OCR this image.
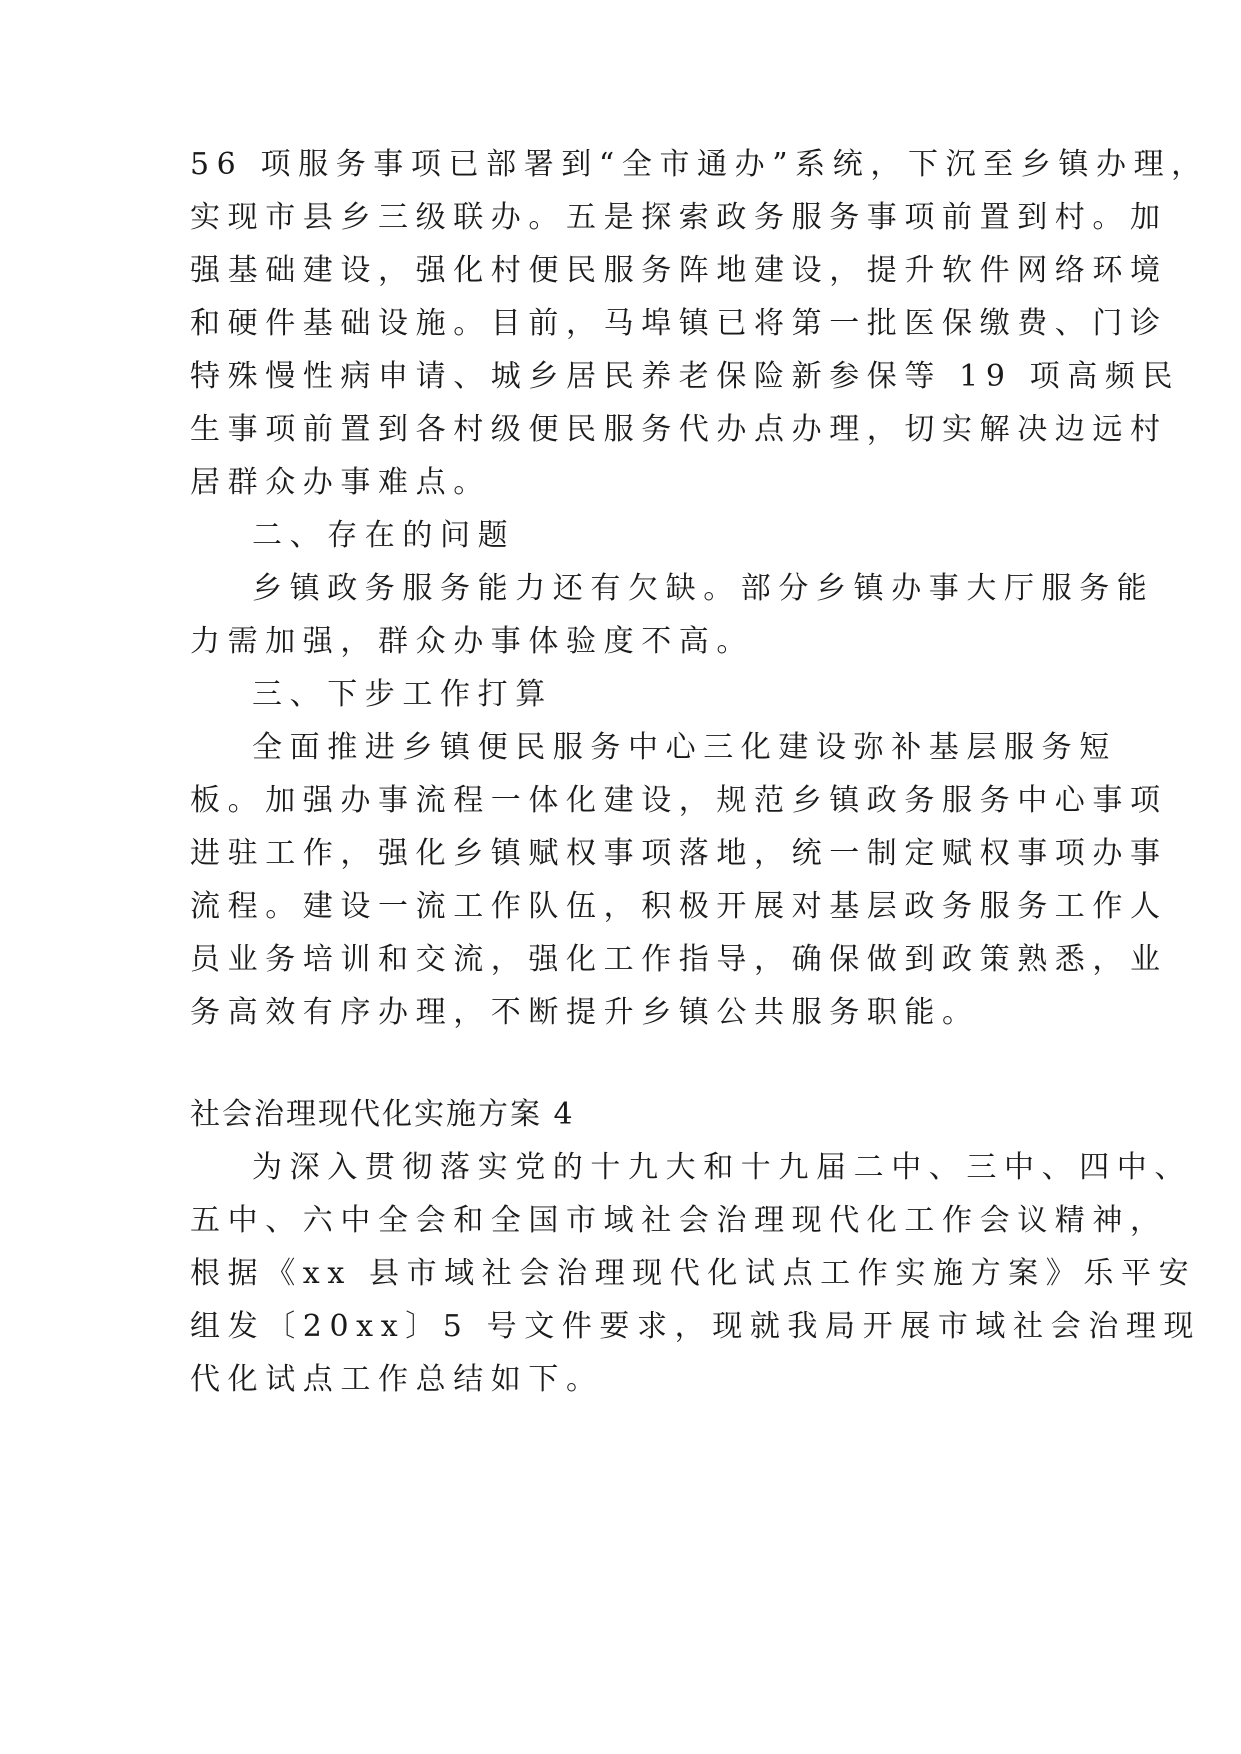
56 项服务事项已部署到“全市通办”系统，下沉至乡镇办理，
实现市县乡三级联办。五是探索政务服务事项前置到村。加
强基础建设，强化村便民服务阵地建设，提升软件网络环境
和硬件基础设施。目前，马埠镇已将第一批医保缴费、门诊
特殊慢性病申请、城乡居民养老保险新参保等 19 项高频民
生事项前置到各村级便民服务代办点办理，切实解决边远村
居群众办事难点。
二、存在的问题
乡镇政务服务能力还有欠缺。部分乡镇办事大厅服务能
力需加强，群众办事体验度不高。
三、下步工作打算
全面推进乡镇便民服务中心三化建设弥补基层服务短
板。加强办事流程一体化建设，规范乡镇政务服务中心事项
进驻工作，强化乡镇赋权事项落地，统一制定赋权事项办事
流程。建设一流工作队伍，积极开展对基层政务服务工作人
员业务培训和交流，强化工作指导，确保做到政策熟悉，业
务高效有序办理，不断提升乡镇公共服务职能。
社会治理现代化实施方案 4
为深入贯彻落实党的十九大和十九届二中、三中、四中、
五中、六中全会和全国市域社会治理现代化工作会议精神，
根据《xx 县市域社会治理现代化试点工作实施方案》乐平安
组发〔20xx〕5 号文件要求，现就我局开展市域社会治理现
代化试点工作总结如下。
